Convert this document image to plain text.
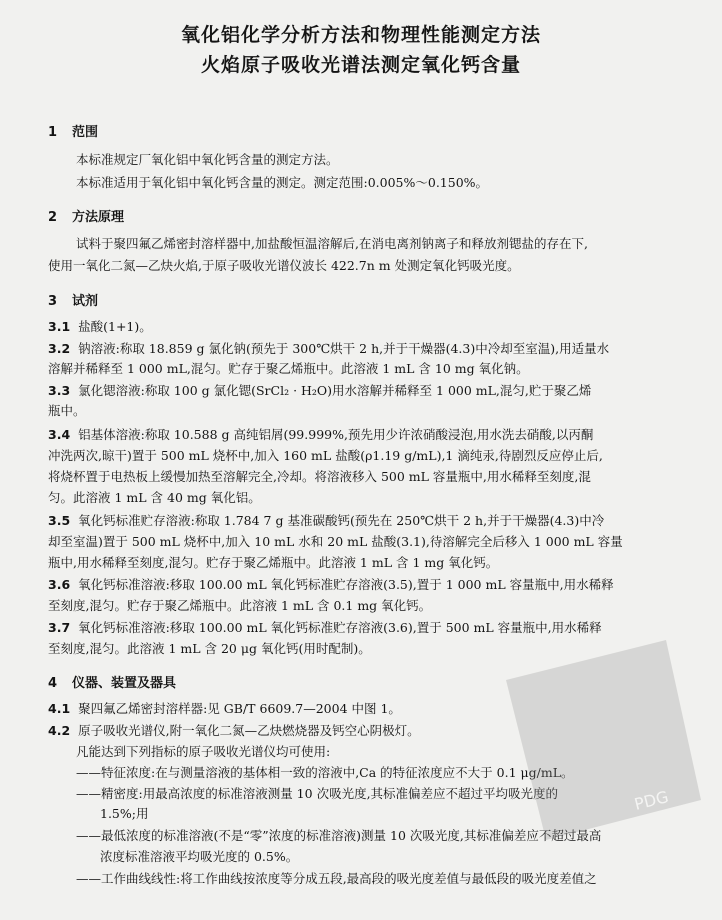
氧化铝化学分析方法和物理性能测定方法
火焰原子吸收光谱法测定氧化钙含量
1 范围
本标准规定厂氧化铝中氧化钙含量的测定方法。
本标准适用于氧化铝中氧化钙含量的测定。测定范围:0.005%～0.150%。
2 方法原理
试料于聚四氟乙烯密封溶样器中,加盐酸恒温溶解后,在消电离剂钠离子和释放剂锶盐的存在下,
使用一氧化二氮—乙炔火焰,于原子吸收光谱仪波长 422.7n m 处测定氧化钙吸光度。
3 试剂
3.1 盐酸(1+1)。
3.2 钠溶液:称取 18.859 g 氯化钠(预先于 300℃烘干 2 h,并于干燥器(4.3)中冷却至室温),用适量水
溶解并稀释至 1 000 mL,混匀。贮存于聚乙烯瓶中。此溶液 1 mL 含 10 mg 氧化钠。
3.3 氯化锶溶液:称取 100 g 氯化锶(SrCl₂ · H₂O)用水溶解并稀释至 1 000 mL,混匀,贮于聚乙烯
瓶中。
3.4 铝基体溶液:称取 10.588 g 高纯铝屑(99.999%,预先用少许浓硝酸浸泡,用水洗去硝酸,以丙酮
冲洗两次,晾干)置于 500 mL 烧杯中,加入 160 mL 盐酸(ρ1.19 g/mL),1 滴纯汞,待剧烈反应停止后,
将烧杯置于电热板上缓慢加热至溶解完全,冷却。将溶液移入 500 mL 容量瓶中,用水稀释至刻度,混
匀。此溶液 1 mL 含 40 mg 氧化铝。
3.5 氧化钙标准贮存溶液:称取 1.784 7 g 基准碳酸钙(预先在 250℃烘干 2 h,并于干燥器(4.3)中冷
却至室温)置于 500 mL 烧杯中,加入 10 mL 水和 20 mL 盐酸(3.1),待溶解完全后移入 1 000 mL 容量
瓶中,用水稀释至刻度,混匀。贮存于聚乙烯瓶中。此溶液 1 mL 含 1 mg 氧化钙。
3.6 氧化钙标准溶液:移取 100.00 mL 氧化钙标准贮存溶液(3.5),置于 1 000 mL 容量瓶中,用水稀释
至刻度,混匀。贮存于聚乙烯瓶中。此溶液 1 mL 含 0.1 mg 氧化钙。
3.7 氧化钙标准溶液:移取 100.00 mL 氧化钙标准贮存溶液(3.6),置于 500 mL 容量瓶中,用水稀释
至刻度,混匀。此溶液 1 mL 含 20 μg 氧化钙(用时配制)。
4 仪器、装置及器具
4.1 聚四氟乙烯密封溶样器:见 GB/T 6609.7—2004 中图 1。
4.2 原子吸收光谱仪,附一氧化二氮—乙炔燃烧器及钙空心阴极灯。
凡能达到下列指标的原子吸收光谱仪均可使用:
——特征浓度:在与测量溶液的基体相一致的溶液中,Ca 的特征浓度应不大于 0.1 μg/mL。
——精密度:用最高浓度的标准溶液测量 10 次吸光度,其标准偏差应不超过平均吸光度的
1.5%;用
——最低浓度的标准溶液(不是“零”浓度的标准溶液)测量 10 次吸光度,其标准偏差应不超过最高
浓度标准溶液平均吸光度的 0.5%。
——工作曲线线性:将工作曲线按浓度等分成五段,最高段的吸光度差值与最低段的吸光度差值之
PDG
